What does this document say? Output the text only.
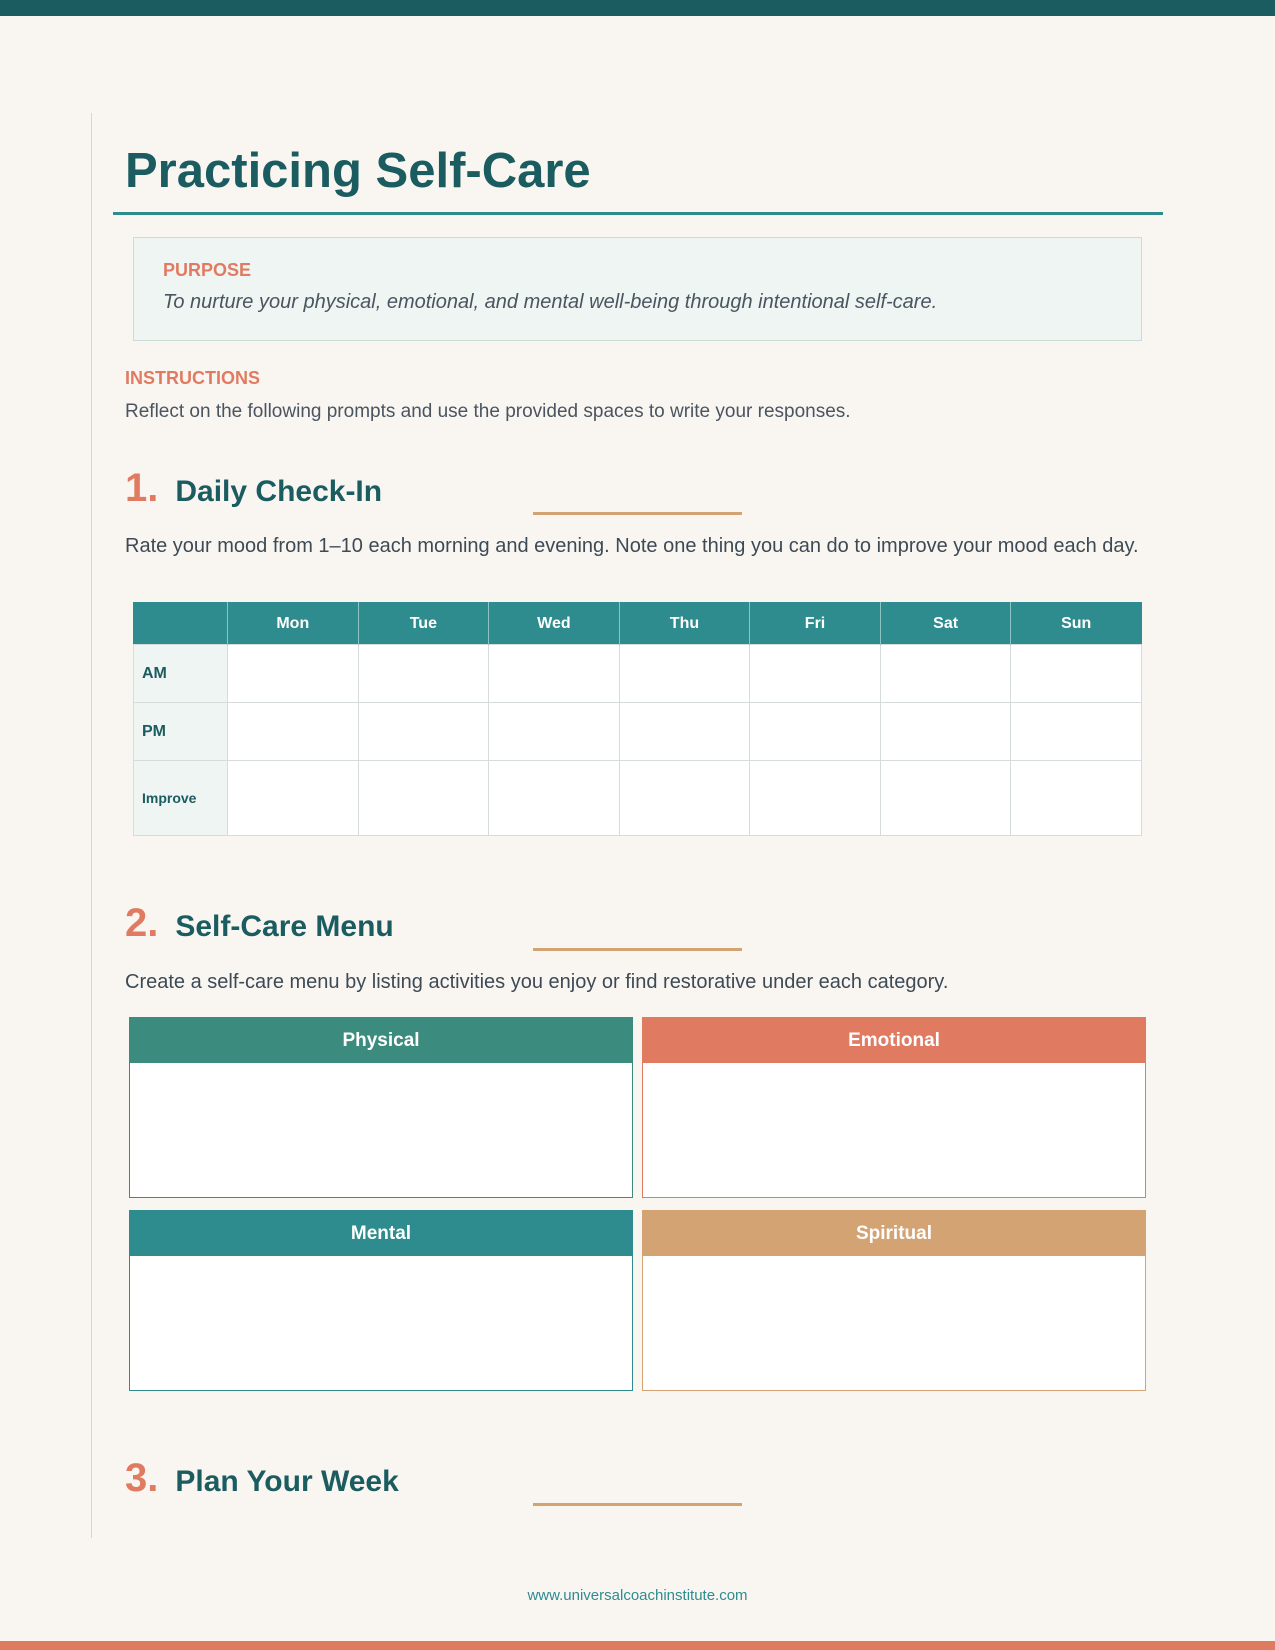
Practicing Self-Care
PURPOSE
To nurture your physical, emotional, and mental well-being through intentional self-care.
INSTRUCTIONS
Reflect on the following prompts and use the provided spaces to write your responses.
1. Daily Check-In
Rate your mood from 1–10 each morning and evening. Note one thing you can do to improve your mood each day.
	Mon	Tue	Wed	Thu	Fri	Sat	Sun
AM							
PM							
Improve							
2. Self-Care Menu
Create a self-care menu by listing activities you enjoy or find restorative under each category.
Physical	Emotional
Mental	Spiritual
3. Plan Your Week
www.universalcoachinstitute.com
